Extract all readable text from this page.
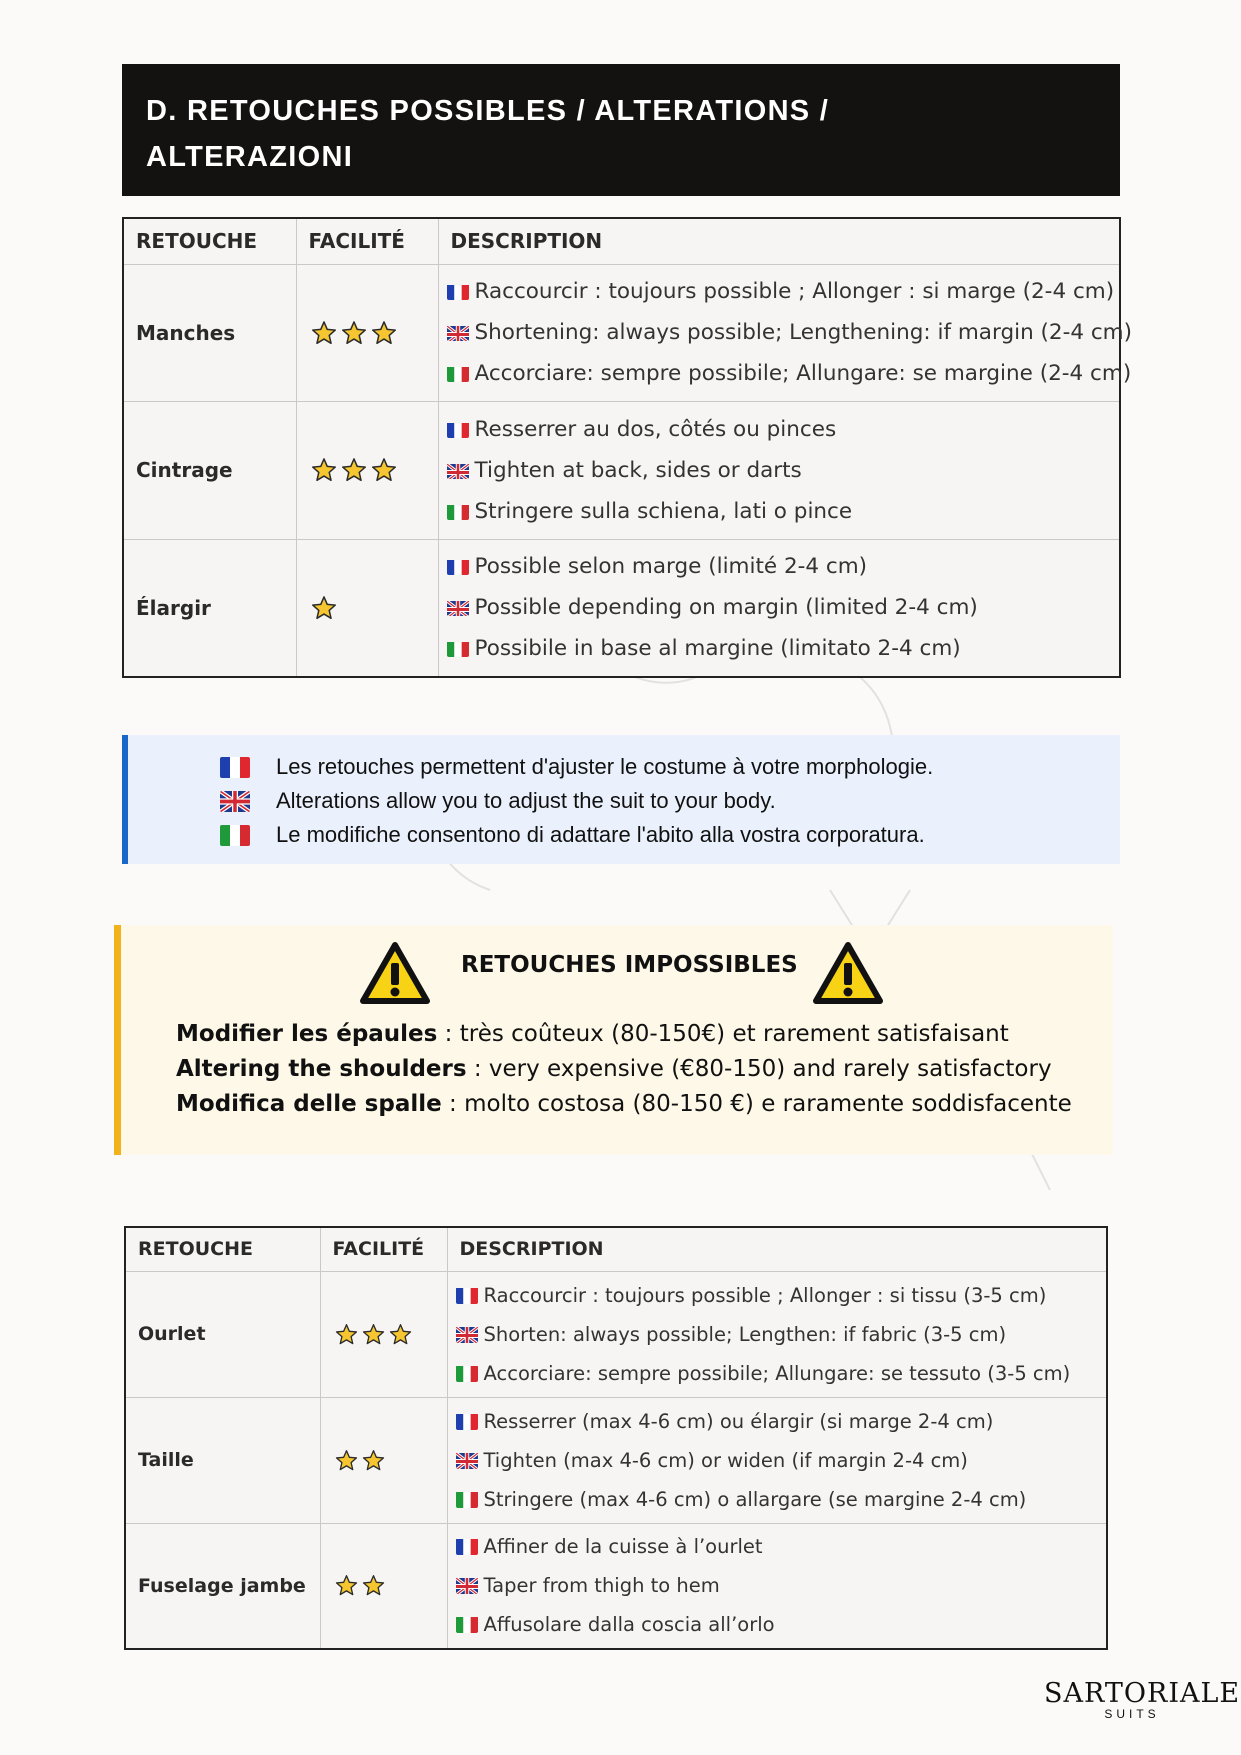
D. RETOUCHES POSSIBLES / ALTERATIONS /
ALTERAZIONI
RETOUCHE	FACILITÉ	DESCRIPTION
Manches		Raccourcir : toujours possible ; Allonger : si marge (2-4 cm)
Shortening: always possible; Lengthening: if margin (2-4 cm)
Accorciare: sempre possibile; Allungare: se margine (2-4 cm)

Cintrage		Resserrer au dos, côtés ou pinces
Tighten at back, sides or darts
Stringere sulla schiena, lati o pince

Élargir		Possible selon marge (limité 2-4 cm)
Possible depending on margin (limited 2-4 cm)
Possibile in base al margine (limitato 2-4 cm)
Les retouches permettent d'ajuster le costume à votre morphologie.
Alterations allow you to adjust the suit to your body.
Le modifiche consentono di adattare l'abito alla vostra corporatura.
RETOUCHES IMPOSSIBLES
Modifier les épaules : très coûteux (80-150€) et rarement satisfaisant
Altering the shoulders : very expensive (€80-150) and rarely satisfactory
Modifica delle spalle : molto costosa (80-150 €) e raramente soddisfacente
RETOUCHE	FACILITÉ	DESCRIPTION
Ourlet		Raccourcir : toujours possible ; Allonger : si tissu (3-5 cm)
Shorten: always possible; Lengthen: if fabric (3-5 cm)
Accorciare: sempre possibile; Allungare: se tessuto (3-5 cm)

Taille		Resserrer (max 4-6 cm) ou élargir (si marge 2-4 cm)
Tighten (max 4-6 cm) or widen (if margin 2-4 cm)
Stringere (max 4-6 cm) o allargare (se margine 2-4 cm)

Fuselage jambe		Affiner de la cuisse à l’ourlet
Taper from thigh to hem
Affusolare dalla coscia all’orlo
SARTORIALE
SUITS
